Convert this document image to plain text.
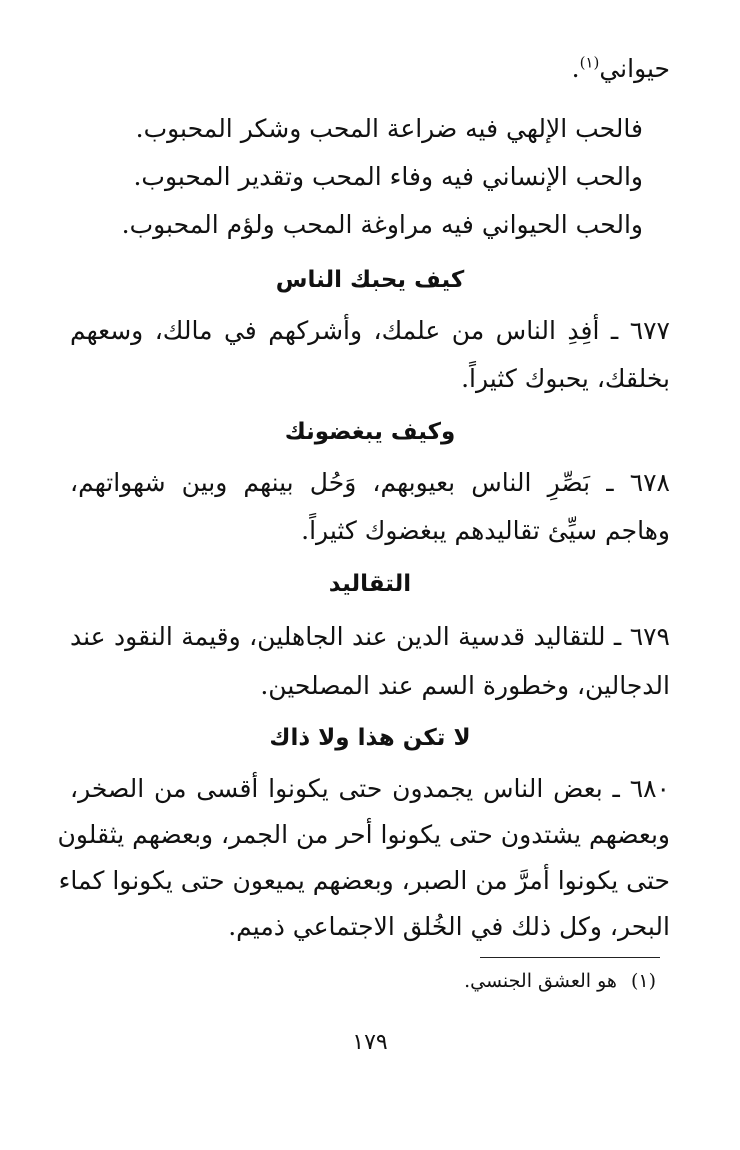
حيواني$^{(١)}$.
فالحب الإلهي فيه ضراعة المحب وشكر المحبوب.
والحب الإنساني فيه وفاء المحب وتقدير المحبوب.
والحب الحيواني فيه مراوغة المحب ولؤم المحبوب.
كيف يحبك الناس
٦٧٧ ـ أفِدِ الناس من علمك، وأشركهم في مالك، وسعهم
بخلقك، يحبوك كثيراً.
وكيف يبغضونك
٦٧٨ ـ بَصِّرِ الناس بعيوبهم، وَحُل بينهم وبين شهواتهم،
وهاجم سيِّئ تقاليدهم يبغضوك كثيراً.
التقاليد
٦٧٩ ـ للتقاليد قدسية الدين عند الجاهلين، وقيمة النقود عند
الدجالين، وخطورة السم عند المصلحين.
لا تكن هذا ولا ذاك
٦٨٠ ـ بعض الناس يجمدون حتى يكونوا أقسى من الصخر،
وبعضهم يشتدون حتى يكونوا أحر من الجمر، وبعضهم يثقلون
حتى يكونوا أمرَّ من الصبر، وبعضهم يميعون حتى يكونوا كماء
البحر، وكل ذلك في الخُلق الاجتماعي ذميم.
(١)هو العشق الجنسي.
١٧٩
